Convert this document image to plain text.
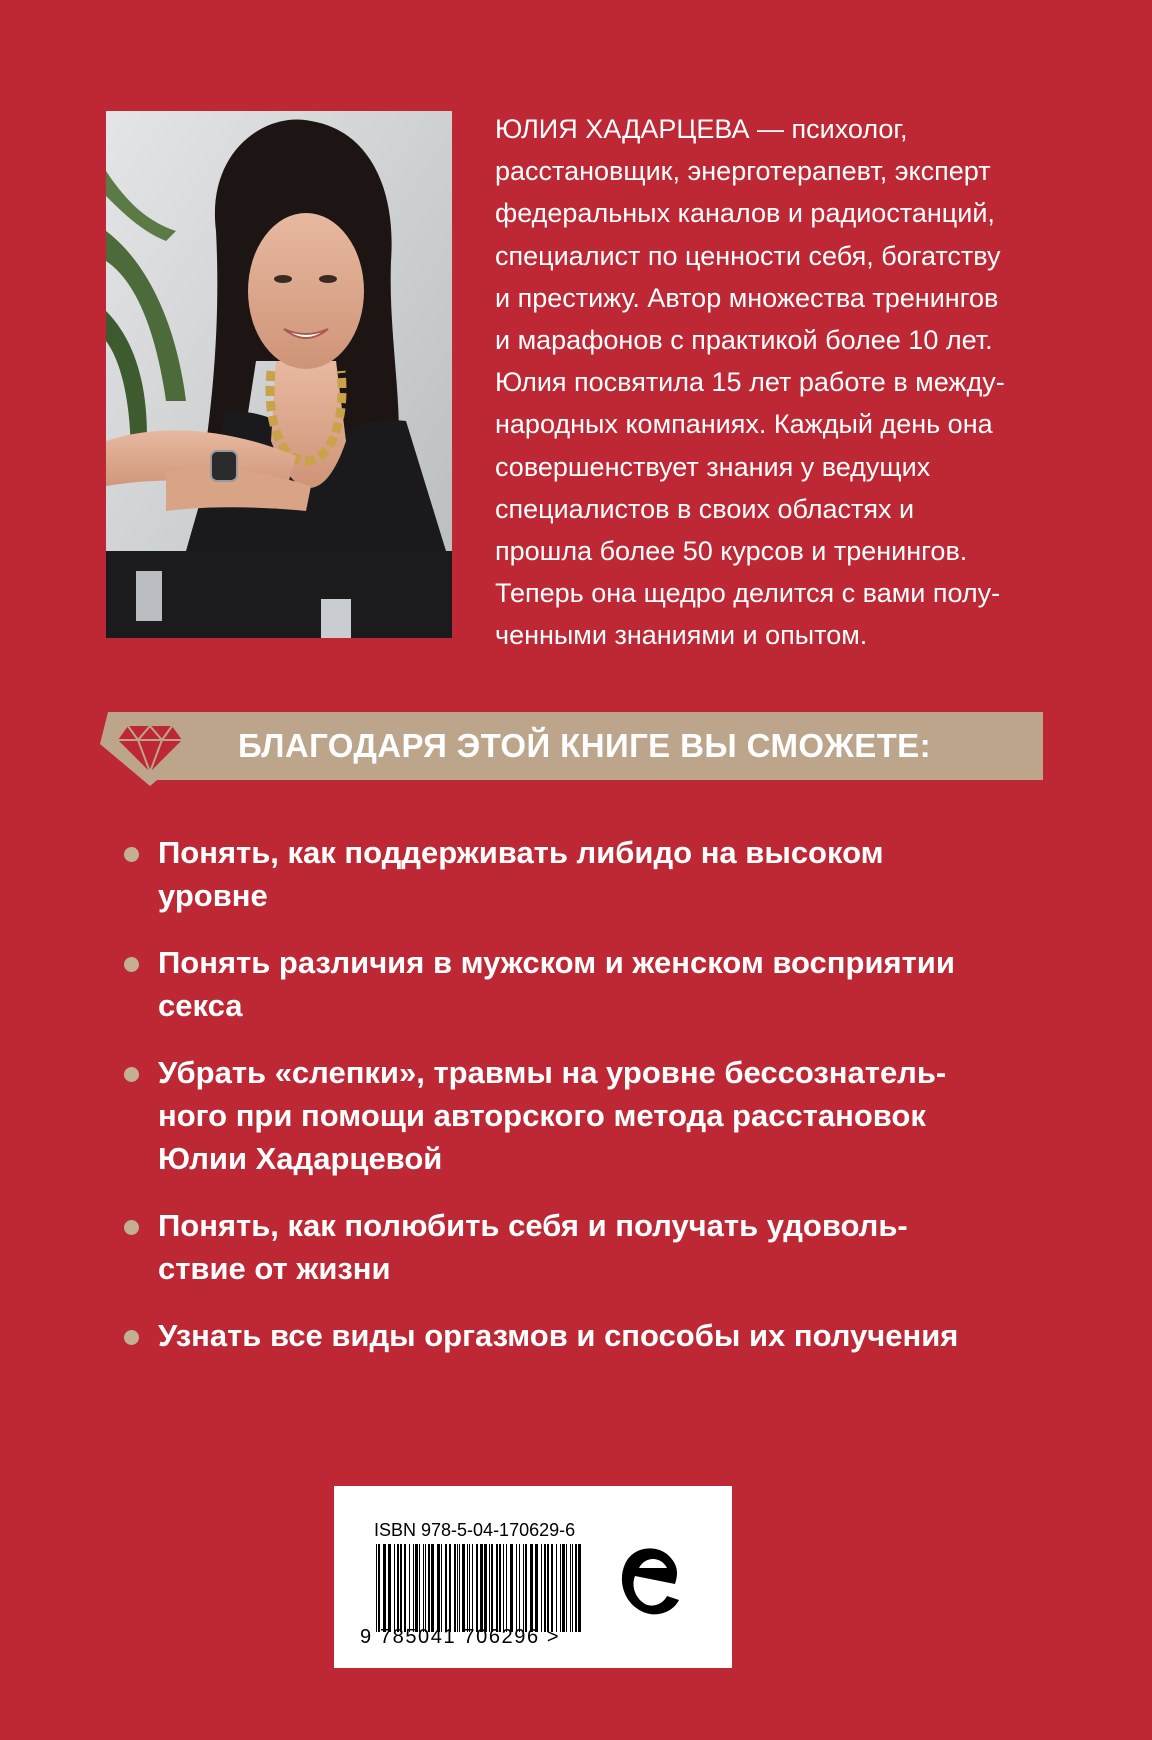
ЮЛИЯ ХАДАРЦЕВА — психолог,
расстановщик, энерготерапевт, эксперт
федеральных каналов и радиостанций,
специалист по ценности себя, богатству
и престижу. Автор множества тренингов
и марафонов с практикой более 10 лет.
Юлия посвятила 15 лет работе в между-
народных компаниях. Каждый день она
совершенствует знания у ведущих
специалистов в своих областях и
прошла более 50 курсов и тренингов.
Теперь она щедро делится с вами полу-
ченными знаниями и опытом.
БЛАГОДАРЯ ЭТОЙ КНИГЕ ВЫ СМОЖЕТЕ:
Понять, как поддерживать либидо на высоком
уровне
Понять различия в мужском и женском восприятии
секса
Убрать «слепки», травмы на уровне бессознатель-
ного при помощи авторского метода расстановок
Юлии Хадарцевой
Понять, как полюбить себя и получать удоволь-
ствие от жизни
Узнать все виды оргазмов и способы их получения
ISBN 978-5-04-170629-6
9 785041 706296 >
